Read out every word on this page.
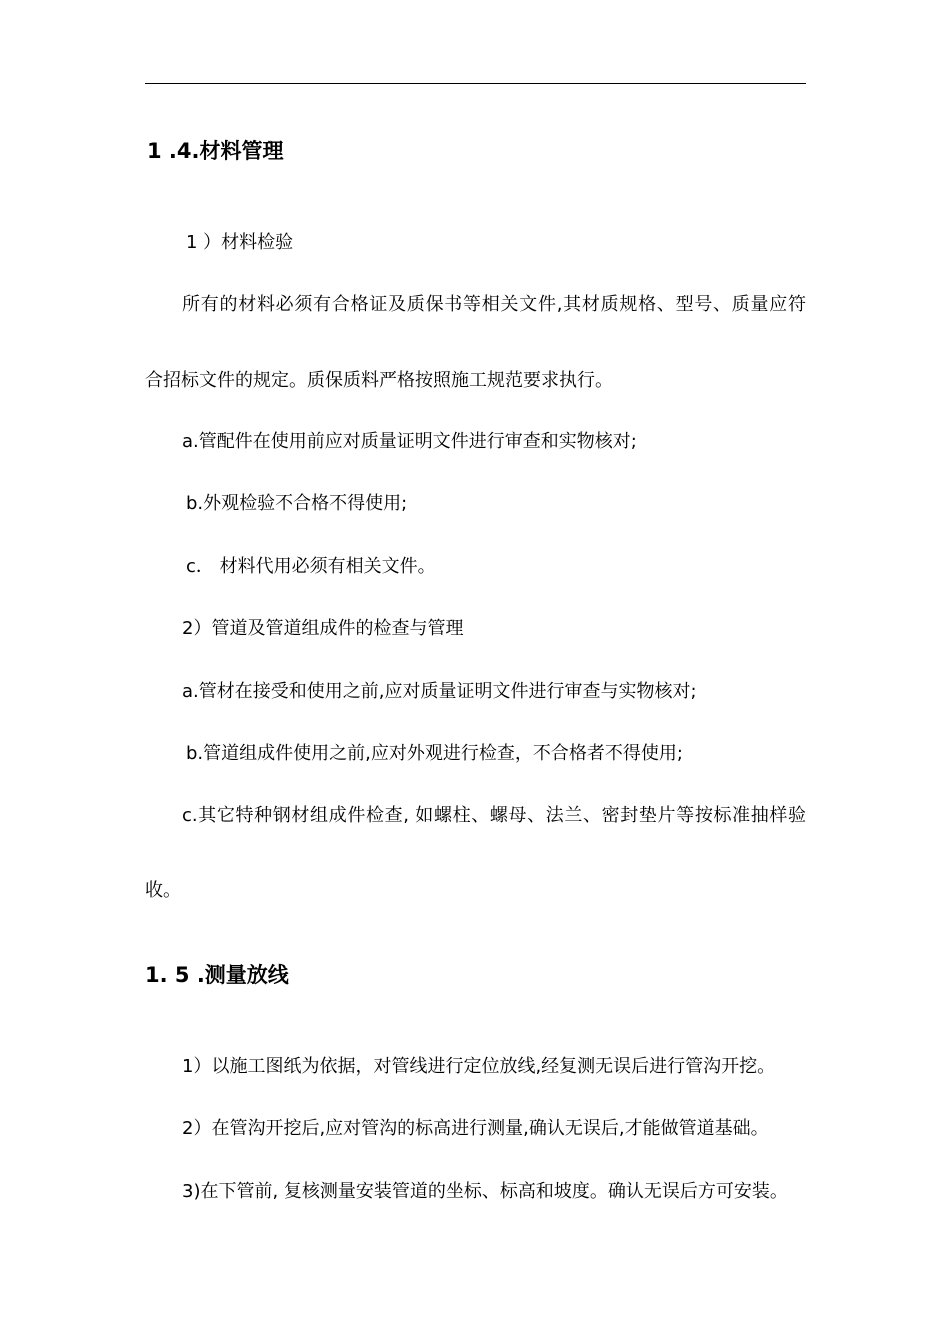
1 .4.材料管理
1 ）材料检验
所有的材料必须有合格证及质保书等相关文件,其材质规格、型号、质量应符
合招标文件的规定。质保质料严格按照施工规范要求执行。
a.管配件在使用前应对质量证明文件进行审查和实物核对;
b.外观检验不合格不得使用;
c． 材料代用必须有相关文件。
2）管道及管道组成件的检查与管理
a.管材在接受和使用之前,应对质量证明文件进行审查与实物核对;
b.管道组成件使用之前,应对外观进行检查，不合格者不得使用;
c.其它特种钢材组成件检查, 如螺柱、螺母、法兰、密封垫片等按标准抽样验
收。
1. 5 .测量放线
1）以施工图纸为依据，对管线进行定位放线,经复测无误后进行管沟开挖。
2）在管沟开挖后,应对管沟的标高进行测量,确认无误后,才能做管道基础。
3)在下管前, 复核测量安装管道的坐标、标高和坡度。确认无误后方可安装。
